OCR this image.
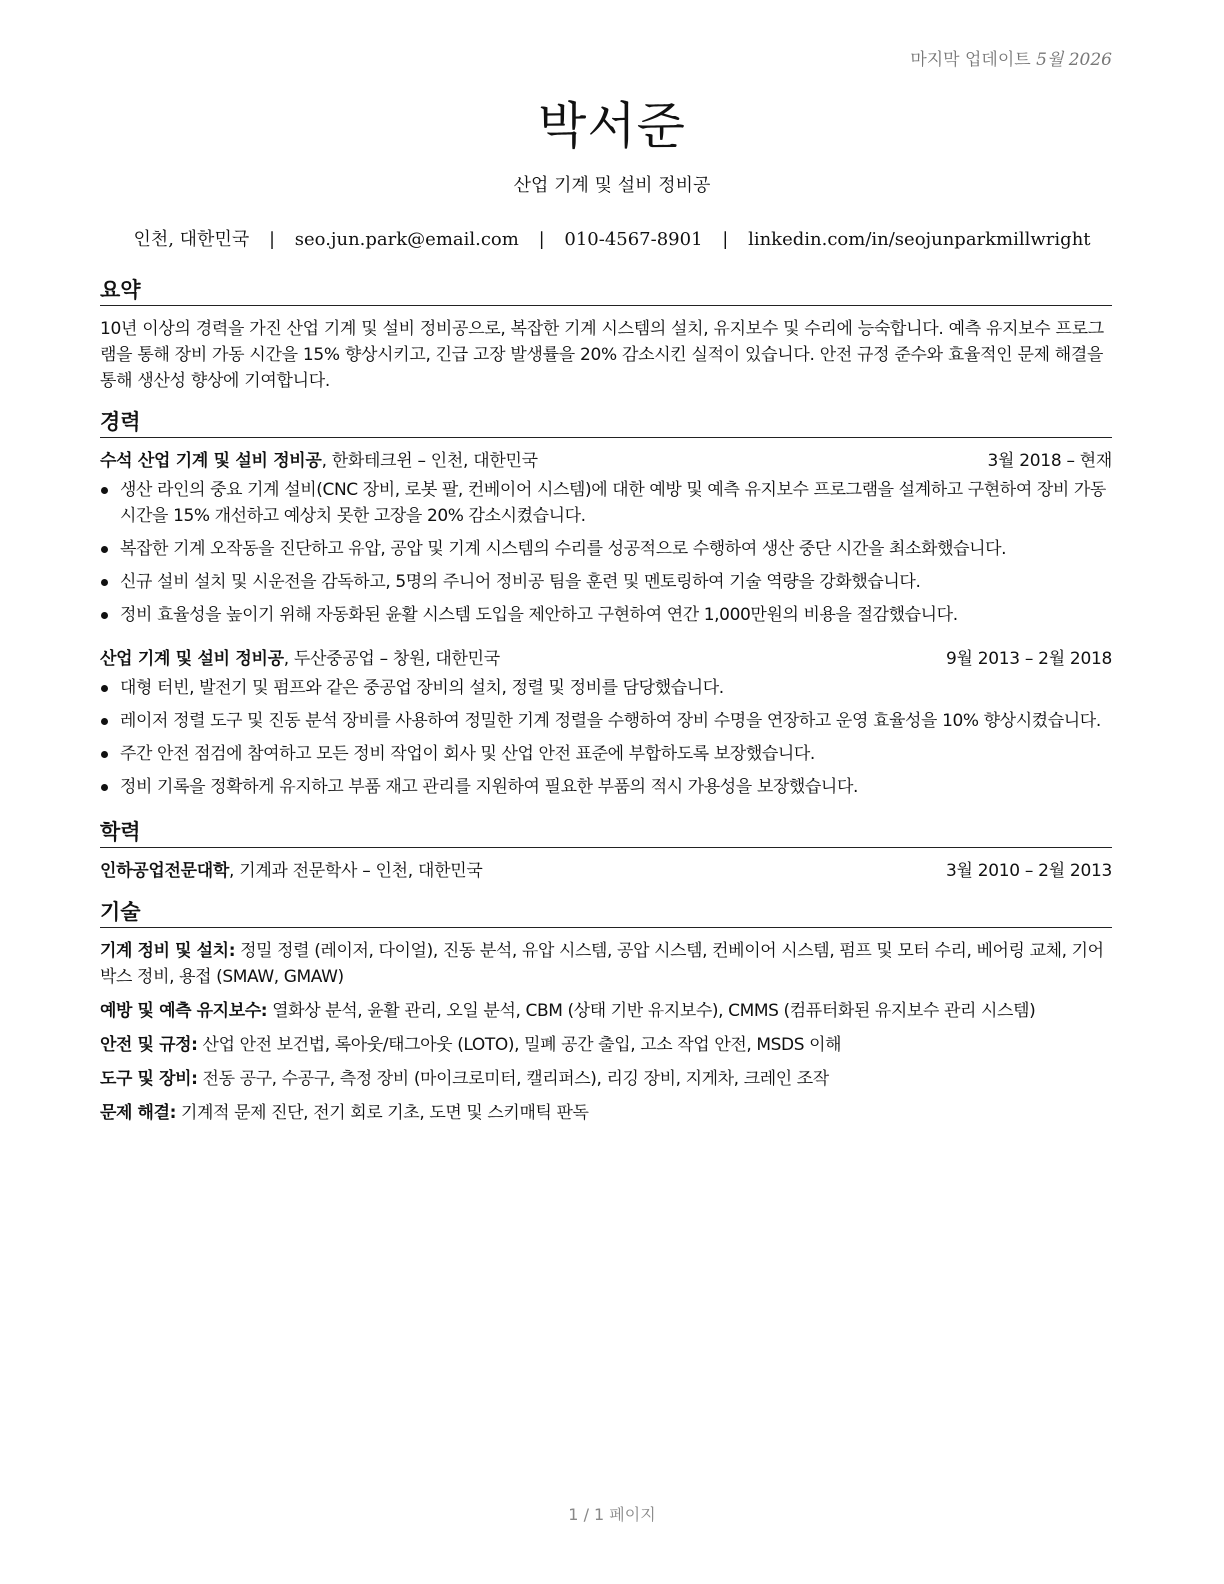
마지막 업데이트 5월 2026
박서준
산업 기계 및 설비 정비공
인천, 대한민국 | seo.jun.park@email.com | 010-4567-8901 | linkedin.com/in/seojunparkmillwright
요약

10년 이상의 경력을 가진 산업 기계 및 설비 정비공으로, 복잡한 기계 시스템의 설치, 유지보수 및 수리에 능숙합니다. 예측 유지보수 프로그램을 통해 장비 가동 시간을 15% 향상시키고, 긴급 고장 발생률을 20% 감소시킨 실적이 있습니다. 안전 규정 준수와 효율적인 문제 해결을 통해 생산성 향상에 기여합니다.

경력
수석 산업 기계 및 설비 정비공, 한화테크윈 – 인천, 대한민국	3월 2018 – 현재
생산 라인의 중요 기계 설비(CNC 장비, 로봇 팔, 컨베이어 시스템)에 대한 예방 및 예측 유지보수 프로그램을 설계하고 구현하여 장비 가동 시간을 15% 개선하고 예상치 못한 고장을 20% 감소시켰습니다.
복잡한 기계 오작동을 진단하고 유압, 공압 및 기계 시스템의 수리를 성공적으로 수행하여 생산 중단 시간을 최소화했습니다.
신규 설비 설치 및 시운전을 감독하고, 5명의 주니어 정비공 팀을 훈련 및 멘토링하여 기술 역량을 강화했습니다.
정비 효율성을 높이기 위해 자동화된 윤활 시스템 도입을 제안하고 구현하여 연간 1,000만원의 비용을 절감했습니다.
산업 기계 및 설비 정비공, 두산중공업 – 창원, 대한민국	9월 2013 – 2월 2018
대형 터빈, 발전기 및 펌프와 같은 중공업 장비의 설치, 정렬 및 정비를 담당했습니다.
레이저 정렬 도구 및 진동 분석 장비를 사용하여 정밀한 기계 정렬을 수행하여 장비 수명을 연장하고 운영 효율성을 10% 향상시켰습니다.
주간 안전 점검에 참여하고 모든 정비 작업이 회사 및 산업 안전 표준에 부합하도록 보장했습니다.
정비 기록을 정확하게 유지하고 부품 재고 관리를 지원하여 필요한 부품의 적시 가용성을 보장했습니다.
학력
인하공업전문대학, 기계과 전문학사 – 인천, 대한민국	3월 2010 – 2월 2013
기술
기계 정비 및 설치: 정밀 정렬 (레이저, 다이얼), 진동 분석, 유압 시스템, 공압 시스템, 컨베이어 시스템, 펌프 및 모터 수리, 베어링 교체, 기어박스 정비, 용접 (SMAW, GMAW)
예방 및 예측 유지보수: 열화상 분석, 윤활 관리, 오일 분석, CBM (상태 기반 유지보수), CMMS (컴퓨터화된 유지보수 관리 시스템)
안전 및 규정: 산업 안전 보건법, 록아웃/태그아웃 (LOTO), 밀폐 공간 출입, 고소 작업 안전, MSDS 이해
도구 및 장비: 전동 공구, 수공구, 측정 장비 (마이크로미터, 캘리퍼스), 리깅 장비, 지게차, 크레인 조작
문제 해결: 기계적 문제 진단, 전기 회로 기초, 도면 및 스키매틱 판독
1 / 1 페이지
